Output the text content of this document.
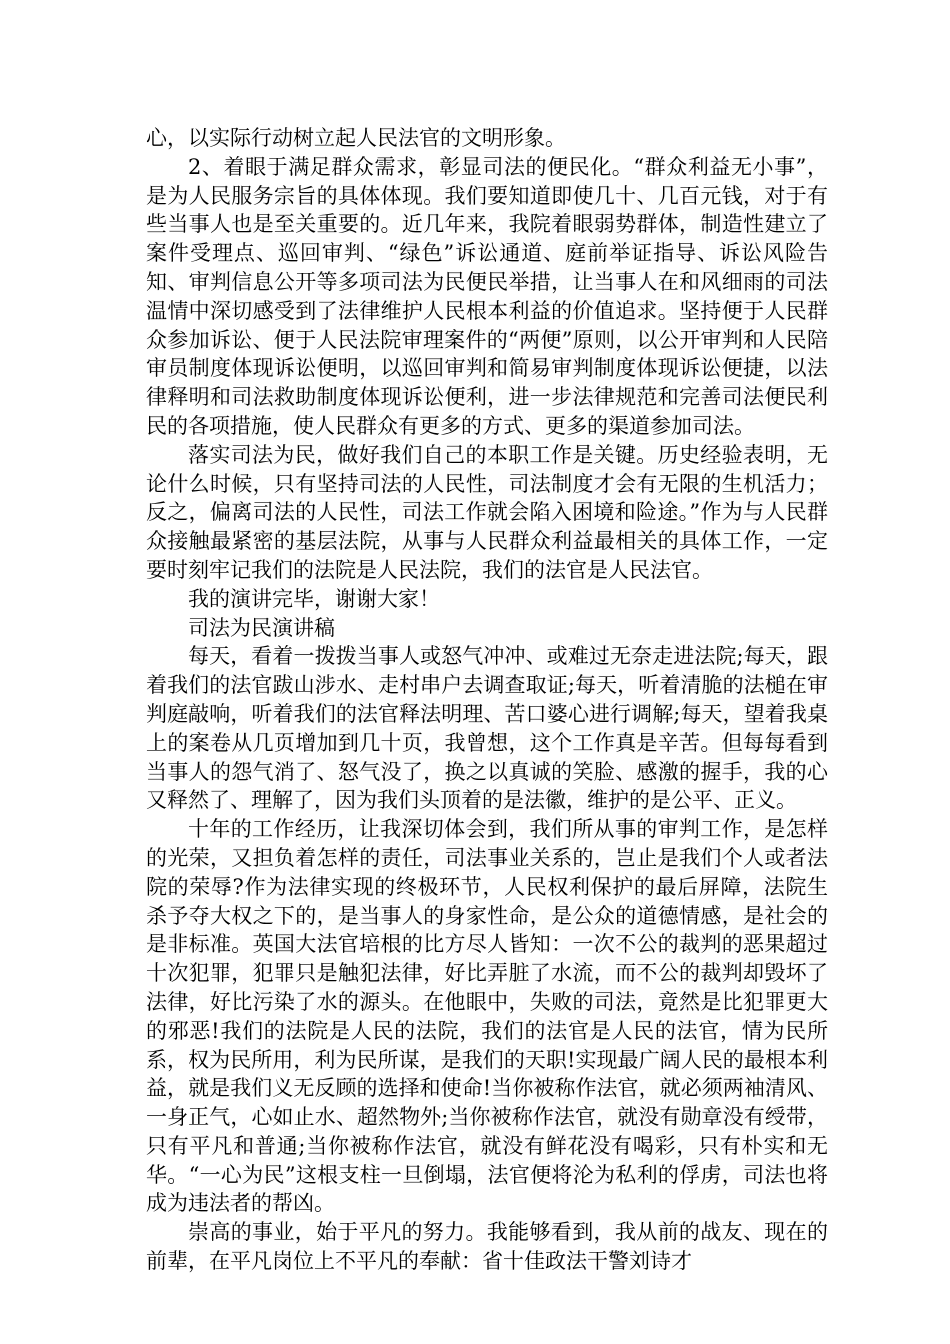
心，以实际行动树立起人民法官的文明形象。

2、着眼于满足群众需求，彰显司法的便民化。“群众利益无小事”，是为人民服务宗旨的具体体现。我们要知道即使几十、几百元钱，对于有些当事人也是至关重要的。近几年来，我院着眼弱势群体，制造性建立了案件受理点、巡回审判、“绿色”诉讼通道、庭前举证指导、诉讼风险告知、审判信息公开等多项司法为民便民举措，让当事人在和风细雨的司法温情中深切感受到了法律维护人民根本利益的价值追求。坚持便于人民群众参加诉讼、便于人民法院审理案件的“两便”原则，以公开审判和人民陪审员制度体现诉讼便明，以巡回审判和简易审判制度体现诉讼便捷，以法律释明和司法救助制度体现诉讼便利，进一步法律规范和完善司法便民利民的各项措施，使人民群众有更多的方式、更多的渠道参加司法。

落实司法为民，做好我们自己的本职工作是关键。历史经验表明，无论什么时候，只有坚持司法的人民性，司法制度才会有无限的生机活力；反之，偏离司法的人民性，司法工作就会陷入困境和险途。”作为与人民群众接触最紧密的基层法院，从事与人民群众利益最相关的具体工作，一定要时刻牢记我们的法院是人民法院，我们的法官是人民法官。

我的演讲完毕，谢谢大家！

司法为民演讲稿

每天，看着一拨拨当事人或怒气冲冲、或难过无奈走进法院;每天，跟着我们的法官跋山涉水、走村串户去调查取证;每天，听着清脆的法槌在审判庭敲响，听着我们的法官释法明理、苦口婆心进行调解;每天，望着我桌上的案卷从几页增加到几十页，我曾想，这个工作真是辛苦。但每每看到当事人的怨气消了、怒气没了，换之以真诚的笑脸、感激的握手，我的心又释然了、理解了，因为我们头顶着的是法徽，维护的是公平、正义。

十年的工作经历，让我深切体会到，我们所从事的审判工作，是怎样的光荣，又担负着怎样的责任，司法事业关系的，岂止是我们个人或者法院的荣辱?作为法律实现的终极环节，人民权利保护的最后屏障，法院生杀予夺大权之下的，是当事人的身家性命，是公众的道德情感，是社会的是非标准。英国大法官培根的比方尽人皆知：一次不公的裁判的恶果超过十次犯罪，犯罪只是触犯法律，好比弄脏了水流，而不公的裁判却毁坏了法律，好比污染了水的源头。在他眼中，失败的司法，竟然是比犯罪更大的邪恶!我们的法院是人民的法院，我们的法官是人民的法官，情为民所系，权为民所用，利为民所谋，是我们的天职!实现最广阔人民的最根本利益，就是我们义无反顾的选择和使命!当你被称作法官，就必须两袖清风、一身正气，心如止水、超然物外;当你被称作法官，就没有勋章没有绶带，只有平凡和普通;当你被称作法官，就没有鲜花没有喝彩，只有朴实和无华。“一心为民”这根支柱一旦倒塌，法官便将沦为私利的俘虏，司法也将成为违法者的帮凶。

崇高的事业，始于平凡的努力。我能够看到，我从前的战友、现在的前辈，在平凡岗位上不平凡的奉献：省十佳政法干警刘诗才
